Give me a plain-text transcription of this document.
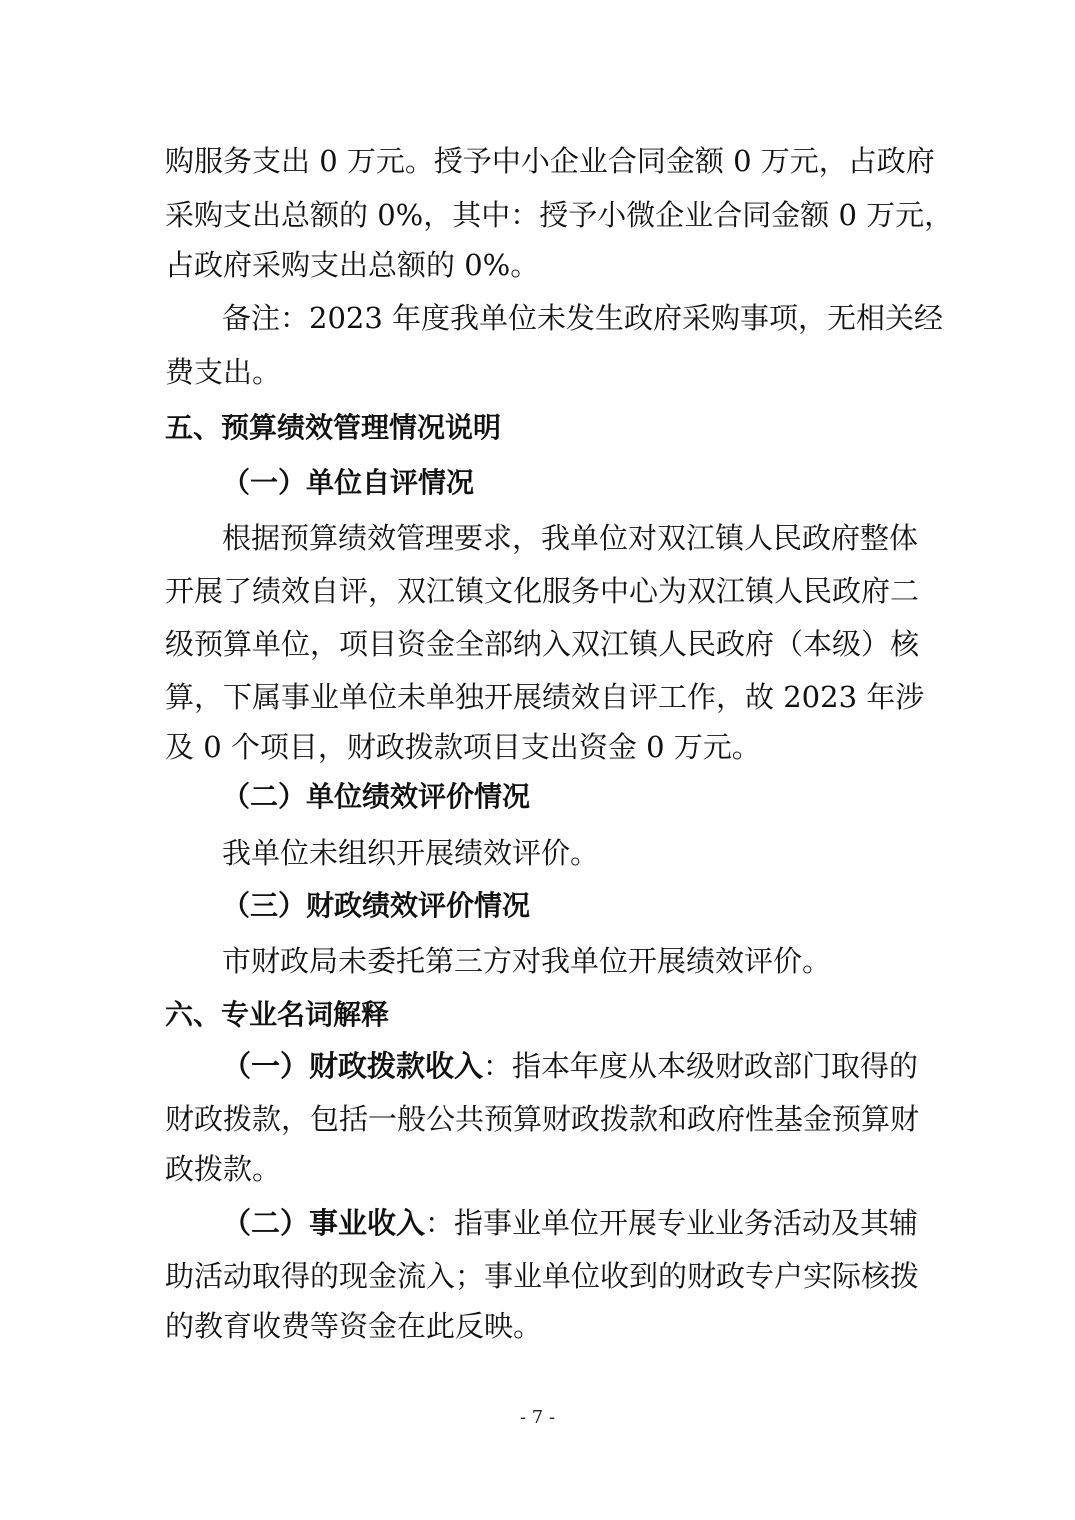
购服务支出 0 万元。授予中小企业合同金额 0 万元，占政府
采购支出总额的 0%，其中：授予小微企业合同金额 0 万元，
占政府采购支出总额的 0%。
备注：2023 年度我单位未发生政府采购事项，无相关经
费支出。
五、预算绩效管理情况说明
（一）单位自评情况
根据预算绩效管理要求，我单位对双江镇人民政府整体
开展了绩效自评，双江镇文化服务中心为双江镇人民政府二
级预算单位，项目资金全部纳入双江镇人民政府（本级）核
算，下属事业单位未单独开展绩效自评工作，故 2023 年涉
及 0 个项目，财政拨款项目支出资金 0 万元。
（二）单位绩效评价情况
我单位未组织开展绩效评价。
（三）财政绩效评价情况
市财政局未委托第三方对我单位开展绩效评价。
六、专业名词解释
（一）财政拨款收入：指本年度从本级财政部门取得的
财政拨款，包括一般公共预算财政拨款和政府性基金预算财
政拨款。
（二）事业收入：指事业单位开展专业业务活动及其辅
助活动取得的现金流入；事业单位收到的财政专户实际核拨
的教育收费等资金在此反映。
- 7 -
